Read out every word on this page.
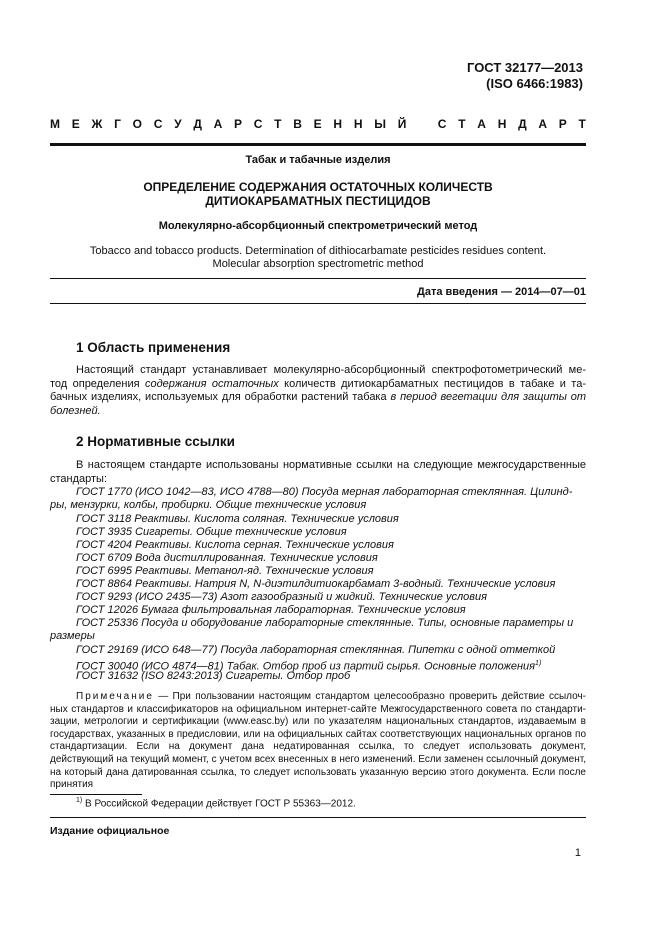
ГОСТ 32177—2013
(ISO 6466:1983)
М Е Ж Г О С У Д А Р С Т В Е Н Н Ы Й	С Т А Н Д А Р Т
Табак и табачные изделия
ОПРЕДЕЛЕНИЕ СОДЕРЖАНИЯ ОСТАТОЧНЫХ КОЛИЧЕСТВ
ДИТИОКАРБАМАТНЫХ ПЕСТИЦИДОВ
Молекулярно-абсорбционный спектрометрический метод
Tobacco and tobacco products. Determination of dithiocarbamate pesticides residues content.
Molecular absorption spectrometric method
Дата введения — 2014—07—01
1 Область применения
Настоящий стандарт устанавливает молекулярно-абсорбционный спектрофотометрический ме-тод определения содержания остаточных количеств дитиокарбаматных пестицидов в табаке и та-бачных изделиях, используемых для обработки растений табака в период вегетации для защиты от болезней.
2 Нормативные ссылки
В настоящем стандарте использованы нормативные ссылки на следующие межгосударственные стандарты:
ГОСТ 1770 (ИСО 1042—83, ИСО 4788—80) Посуда мерная лабораторная стеклянная. Цилинд-ры, мензурки, колбы, пробирки. Общие технические условия
ГОСТ 3118 Реактивы. Кислота соляная. Технические условия
ГОСТ 3935 Сигареты. Общие технические условия
ГОСТ 4204 Реактивы. Кислота серная. Технические условия
ГОСТ 6709 Вода дистиллированная. Технические условия
ГОСТ 6995 Реактивы. Метанол-яд. Технические условия
ГОСТ 8864 Реактивы. Натрия N, N-диэтилдитиокарбамат 3-водный. Технические условия
ГОСТ 9293 (ИСО 2435—73) Азот газообразный и жидкий. Технические условия
ГОСТ 12026 Бумага фильтровальная лабораторная. Технические условия
ГОСТ 25336 Посуда и оборудование лабораторные стеклянные. Типы, основные параметры и размеры
ГОСТ 29169 (ИСО 648—77) Посуда лабораторная стеклянная. Пипетки с одной отметкой
ГОСТ 30040 (ИСО 4874—81) Табак. Отбор проб из партий сырья. Основные положения$^{1)}$
ГОСТ 31632 (ISO 8243:2013) Сигареты. Отбор проб
Примечание — При пользовании настоящим стандартом целесообразно проверить действие ссылоч-ных стандартов и классификаторов на официальном интернет-сайте Межгосударственного совета по стандарти-зации, метрологии и сертификации (www.easc.by) или по указателям национальных стандартов, издаваемым в государствах, указанных в предисловии, или на официальных сайтах соответствующих национальных органов по стандартизации. Если на документ дана недатированная ссылка, то следует использовать документ, действующий на текущий момент, с учетом всех внесенных в него изменений. Если заменен ссылочный документ, на который дана датированная ссылка, то следует использовать указанную версию этого документа. Если после принятия
$^{1)}$ В Российской Федерации действует ГОСТ Р 55363—2012.
Издание официальное
1
